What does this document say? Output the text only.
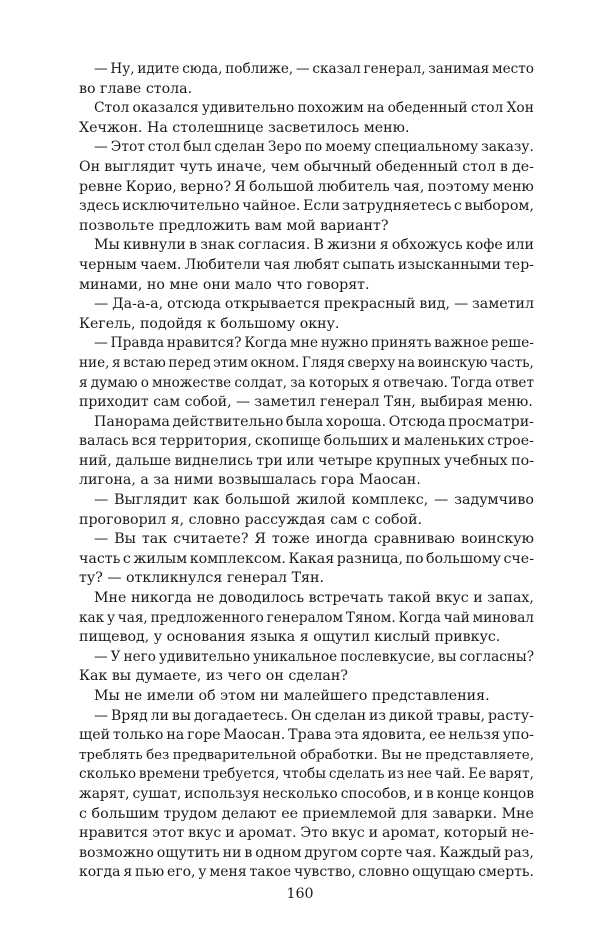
— Ну, идите сюда, поближе, — сказал генерал, занимая место
во главе стола.
Стол оказался удивительно похожим на обеденный стол Хон
Хечжон. На столешнице засветилось меню.
— Этот стол был сделан Зеро по моему специальному заказу.
Он выглядит чуть иначе, чем обычный обеденный стол в де-
ревне Корио, верно? Я большой любитель чая, поэтому меню
здесь исключительно чайное. Если затрудняетесь с выбором,
позвольте предложить вам мой вариант?
Мы кивнули в знак согласия. В жизни я обхожусь кофе или
черным чаем. Любители чая любят сыпать изысканными тер-
минами, но мне они мало что говорят.
— Да-а-а, отсюда открывается прекрасный вид, — заметил
Кегель, подойдя к большому окну.
— Правда нравится? Когда мне нужно принять важное реше-
ние, я встаю перед этим окном. Глядя сверху на воинскую часть,
я думаю о множестве солдат, за которых я отвечаю. Тогда ответ
приходит сам собой, — заметил генерал Тян, выбирая меню.
Панорама действительно была хороша. Отсюда просматри-
валась вся территория, скопище больших и маленьких строе-
ний, дальше виднелись три или четыре крупных учебных по-
лигона, а за ними возвышалась гора Маосан.
— Выглядит как большой жилой комплекс, — задумчиво
проговорил я, словно рассуждая сам с собой.
— Вы так считаете? Я тоже иногда сравниваю воинскую
часть с жилым комплексом. Какая разница, по большому сче-
ту? — откликнулся генерал Тян.
Мне никогда не доводилось встречать такой вкус и запах,
как у чая, предложенного генералом Тяном. Когда чай миновал
пищевод, у основания языка я ощутил кислый привкус.
— У него удивительно уникальное послевкусие, вы согласны?
Как вы думаете, из чего он сделан?
Мы не имели об этом ни малейшего представления.
— Вряд ли вы догадаетесь. Он сделан из дикой травы, расту-
щей только на горе Маосан. Трава эта ядовита, ее нельзя упо-
треблять без предварительной обработки. Вы не представляете,
сколько времени требуется, чтобы сделать из нее чай. Ее варят,
жарят, сушат, используя несколько способов, и в конце концов
с большим трудом делают ее приемлемой для заварки. Мне
нравится этот вкус и аромат. Это вкус и аромат, который не-
возможно ощутить ни в одном другом сорте чая. Каждый раз,
когда я пью его, у меня такое чувство, словно ощущаю смерть.
160
